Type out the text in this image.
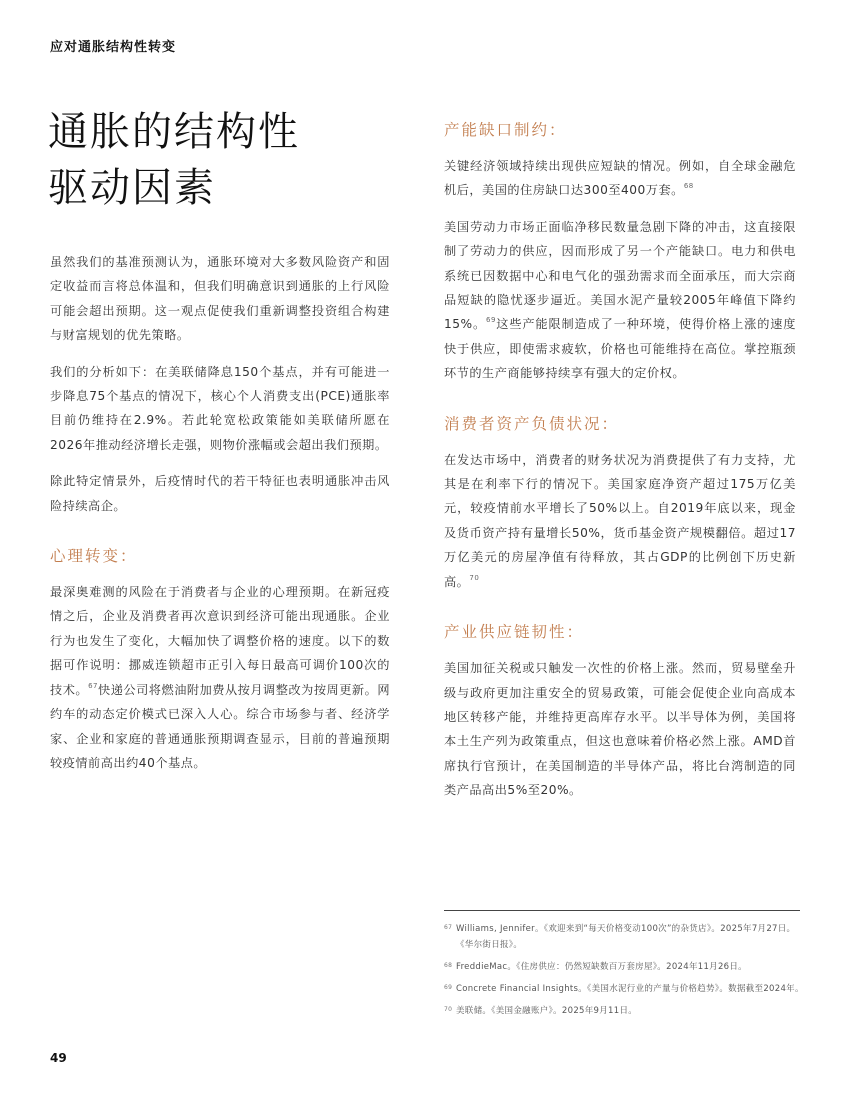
应对通胀结构性转变
通胀的结构性
驱动因素

虽然我们的基准预测认为，通胀环境对大多数风险资产和固定收益而言将总体温和，但我们明确意识到通胀的上行风险可能会超出预期。这一观点促使我们重新调整投资组合构建与财富规划的优先策略。

我们的分析如下：在美联储降息150个基点，并有可能进一步降息75个基点的情况下，核心个人消费支出(PCE)通胀率目前仍维持在2.9%。若此轮宽松政策能如美联储所愿在2026年推动经济增长走强，则物价涨幅或会超出我们预期。

除此特定情景外，后疫情时代的若干特征也表明通胀冲击风险持续高企。

心理转变：

最深奥难测的风险在于消费者与企业的心理预期。在新冠疫情之后，企业及消费者再次意识到经济可能出现通胀。企业行为也发生了变化，大幅加快了调整价格的速度。以下的数据可作说明：挪威连锁超市正引入每日最高可调价100次的技术。$^{67}$快递公司将燃油附加费从按月调整改为按周更新。网约车的动态定价模式已深入人心。综合市场参与者、经济学家、企业和家庭的普通通胀预期调查显示，目前的普遍预期较疫情前高出约40个基点。

产能缺口制约：

关键经济领域持续出现供应短缺的情况。例如，自全球金融危机后，美国的住房缺口达300至400万套。$^{68}$

美国劳动力市场正面临净移民数量急剧下降的冲击，这直接限制了劳动力的供应，因而形成了另一个产能缺口。电力和供电系统已因数据中心和电气化的强劲需求而全面承压，而大宗商品短缺的隐忧逐步逼近。美国水泥产量较2005年峰值下降约15%。$^{69}$这些产能限制造成了一种环境，使得价格上涨的速度快于供应，即使需求疲软，价格也可能维持在高位。掌控瓶颈环节的生产商能够持续享有强大的定价权。

消费者资产负债状况：

在发达市场中，消费者的财务状况为消费提供了有力支持，尤其是在利率下行的情况下。美国家庭净资产超过175万亿美元，较疫情前水平增长了50%以上。自2019年底以来，现金及货币资产持有量增长50%，货币基金资产规模翻倍。超过17万亿美元的房屋净值有待释放，其占GDP的比例创下历史新高。$^{70}$

产业供应链韧性：

美国加征关税或只触发一次性的价格上涨。然而，贸易壁垒升级与政府更加注重安全的贸易政策，可能会促使企业向高成本地区转移产能，并维持更高库存水平。以半导体为例，美国将本土生产列为政策重点，但这也意味着价格必然上涨。AMD首席执行官预计，在美国制造的半导体产品，将比台湾制造的同类产品高出5%至20%。

67 Williams, Jennifer。《欢迎来到“每天价格变动100次”的杂货店》。2025年7月27日。《华尔街日报》。
68 FreddieMac。《住房供应：仍然短缺数百万套房屋》。2024年11月26日。
69 Concrete Financial Insights。《美国水泥行业的产量与价格趋势》。数据截至2024年。
70 美联储。《美国金融账户》。2025年9月11日。
49
